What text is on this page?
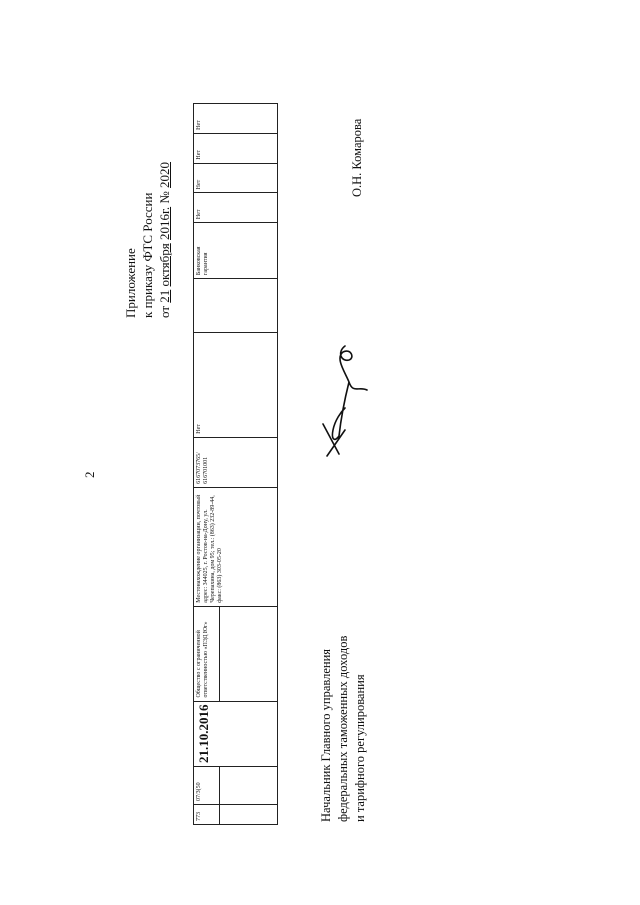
2
Приложение к приказу ФТС России от 21 октября 2016г. № 2020
773	07/3(50	21.10.2016	Общество с ограниченной ответственностью «ПЭД Юг»	Местонахождение организации, почтовый адрес: 344025, г. Ростов-на-Дону, ул. Черепахина, дом 95; тел.: (863) 232-89-44, факс: (863) 303-05-20	6167073765/ 616701001	Нет		Банковская гарантия	Нет	Нет	Нет	Нет

Начальник Главного управления федеральных таможенных доходов и тарифного регулирования
О.Н. Комарова
